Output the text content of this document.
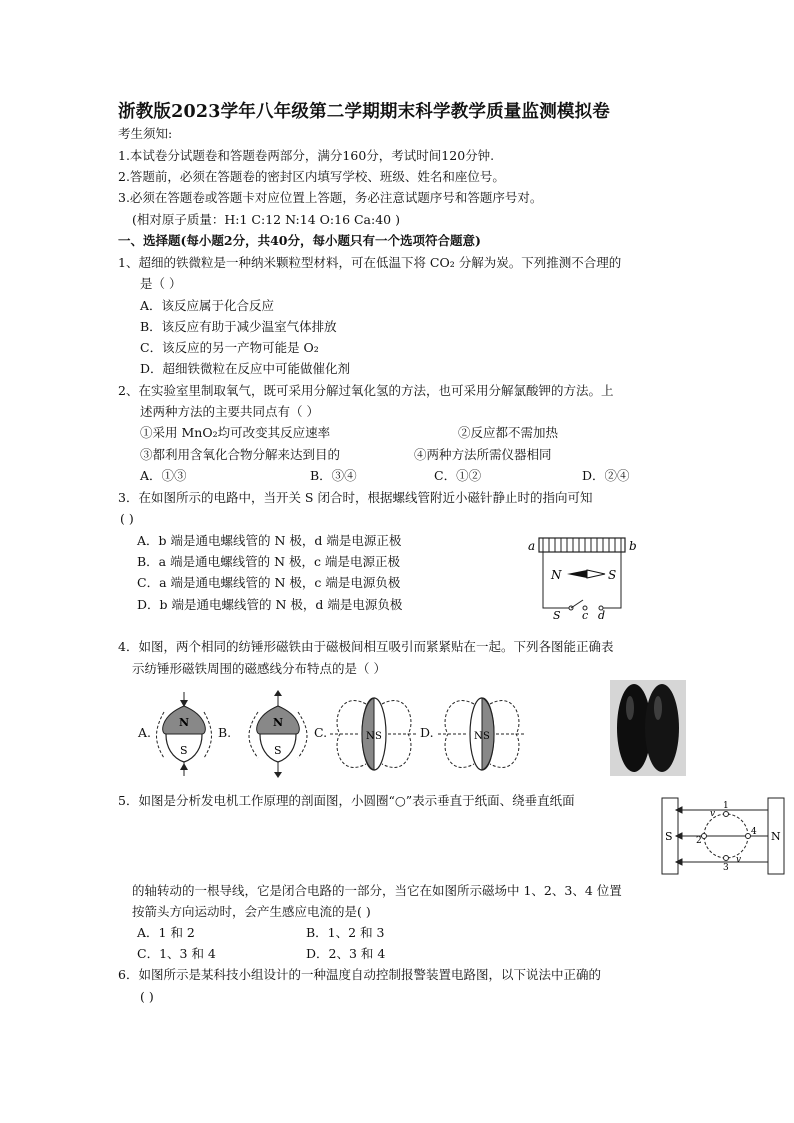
浙教版2023学年八年级第二学期期末科学教学质量监测模拟卷
考生须知:
1.本试卷分试题卷和答题卷两部分，满分160分，考试时间120分钟.
2.答题前，必须在答题卷的密封区内填写学校、班级、姓名和座位号。
3.必须在答题卷或答题卡对应位置上答题，务必注意试题序号和答题序号对。
(相对原子质量：H:1 C:12 N:14 O:16 Ca:40 )
一、选择题(每小题2分，共40分，每小题只有一个选项符合题意)
1、超细的铁微粒是一种纳米颗粒型材料，可在低温下将 CO₂ 分解为炭。下列推测不合理的
是（ ）
A．该反应属于化合反应
B．该反应有助于减少温室气体排放
C．该反应的另一产物可能是 O₂
D．超细铁微粒在反应中可能做催化剂
2、在实验室里制取氧气，既可采用分解过氧化氢的方法，也可采用分解氯酸钾的方法。上
述两种方法的主要共同点有（ ）
①采用 MnO₂均可改变其反应速率	②反应都不需加热
③都利用含氧化合物分解来达到目的	④两种方法所需仪器相同
A．①③	B．③④	C．①②	D．②④
3．在如图所示的电路中，当开关 S 闭合时，根据螺线管附近小磁针静止时的指向可知
( )
A．b 端是通电螺线管的 N 极，d 端是电源正极
B．a 端是通电螺线管的 N 极，c 端是电源正极
C．a 端是通电螺线管的 N 极，c 端是电源负极
D．b 端是通电螺线管的 N 极，d 端是电源负极
a	b
N	S
S c d
4．如图，两个相同的纺锤形磁铁由于磁极间相互吸引而紧紧贴在一起。下列各图能正确表
示纺锤形磁铁周围的磁感线分布特点的是（ ）
A.
N
S
B.
N
S
C.	N S	D.	N S
5．如图是分析发电机工作原理的剖面图，小圆圈“○”表示垂直于纸面、绕垂直纸面
S	N
1
2
3
4
v
v
的轴转动的一根导线，它是闭合电路的一部分，当它在如图所示磁场中 1、2、3、4 位置
按箭头方向运动时，会产生感应电流的是( )
A．1 和 2	B．1、2 和 3
C．1、3 和 4	D．2、3 和 4
6．如图所示是某科技小组设计的一种温度自动控制报警装置电路图，以下说法中正确的
( )
